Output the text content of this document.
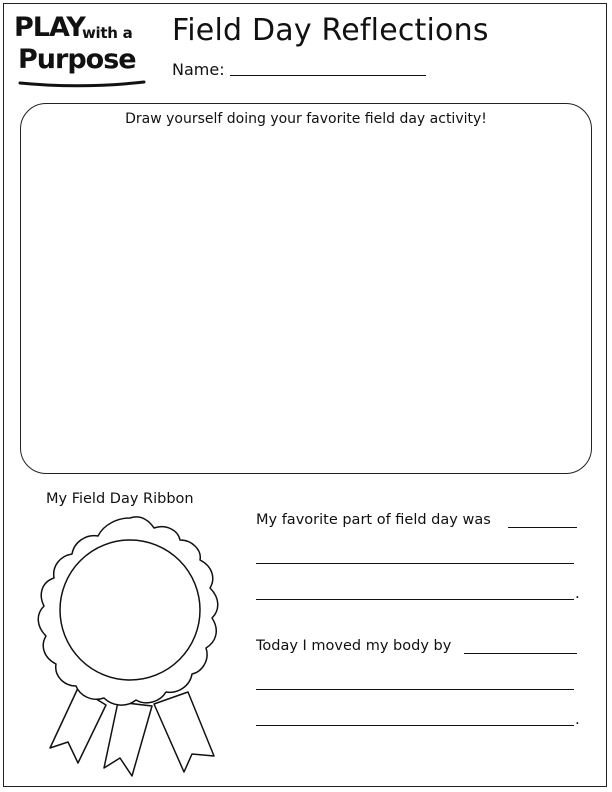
PLAY
with a
Purpose
Field Day Reflections
Name:
Draw yourself doing your favorite field day activity!
My Field Day Ribbon
My favorite part of field day was
.
Today I moved my body by
.
